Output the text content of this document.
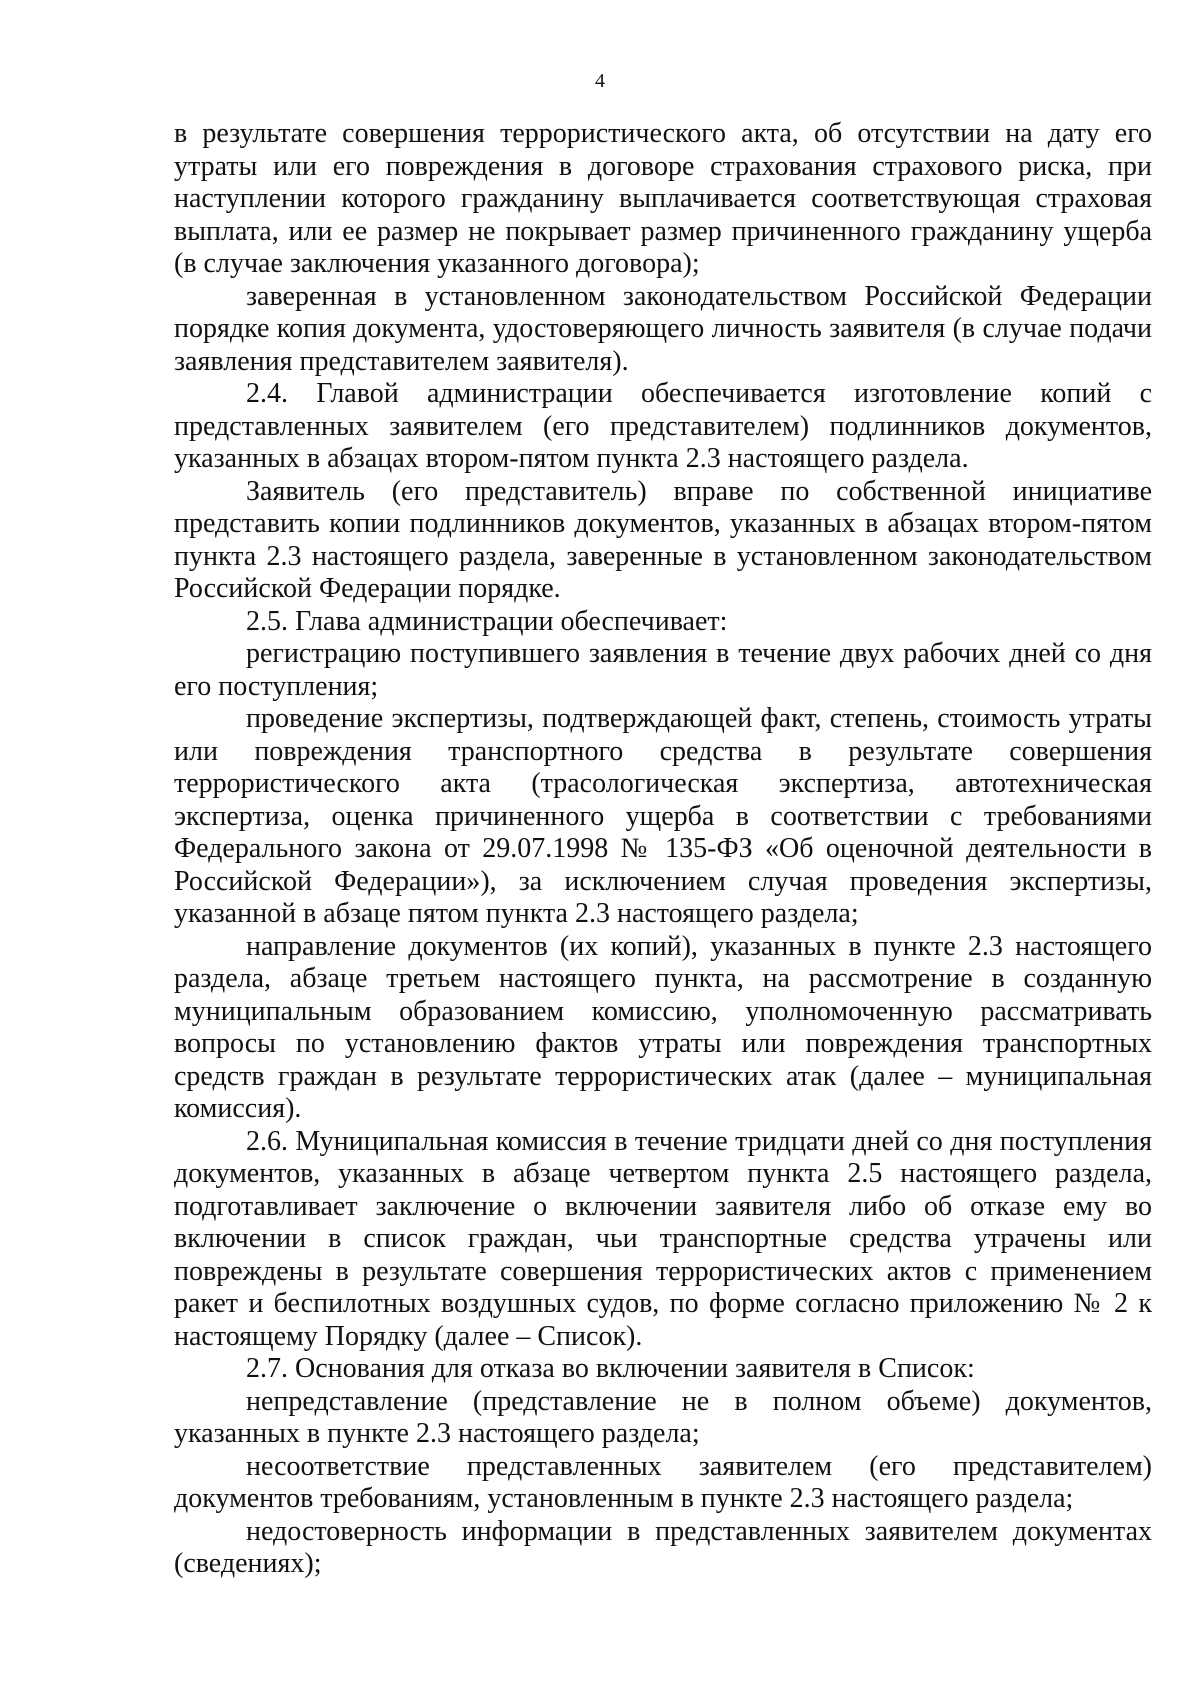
4

в результате совершения террористического акта, об отсутствии на дату его утраты или его повреждения в договоре страхования страхового риска, при наступлении которого гражданину выплачивается соответствующая страховая выплата, или ее размер не покрывает размер причиненного гражданину ущерба (в случае заключения указанного договора);

заверенная в установленном законодательством Российской Федерации порядке копия документа, удостоверяющего личность заявителя (в случае подачи заявления представителем заявителя).

2.4. Главой администрации обеспечивается изготовление копий с представленных заявителем (его представителем) подлинников документов, указанных в абзацах втором-пятом пункта 2.3 настоящего раздела.

Заявитель (его представитель) вправе по собственной инициативе представить копии подлинников документов, указанных в абзацах втором-пятом пункта 2.3 настоящего раздела, заверенные в установленном законодательством Российской Федерации порядке.

2.5. Глава администрации обеспечивает:

регистрацию поступившего заявления в течение двух рабочих дней со дня его поступления;

проведение экспертизы, подтверждающей факт, степень, стоимость утраты или повреждения транспортного средства в результате совершения террористического акта (трасологическая экспертиза, автотехническая экспертиза, оценка причиненного ущерба в соответствии с требованиями Федерального закона от 29.07.1998 № 135-ФЗ «Об оценочной деятельности в Российской Федерации»), за исключением случая проведения экспертизы, указанной в абзаце пятом пункта 2.3 настоящего раздела;

направление документов (их копий), указанных в пункте 2.3 настоящего раздела, абзаце третьем настоящего пункта, на рассмотрение в созданную муниципальным образованием комиссию, уполномоченную рассматривать вопросы по установлению фактов утраты или повреждения транспортных средств граждан в результате террористических атак (далее – муниципальная комиссия).

2.6. Муниципальная комиссия в течение тридцати дней со дня поступления документов, указанных в абзаце четвертом пункта 2.5 настоящего раздела, подготавливает заключение о включении заявителя либо об отказе ему во включении в список граждан, чьи транспортные средства утрачены или повреждены в результате совершения террористических актов с применением ракет и беспилотных воздушных судов, по форме согласно приложению № 2 к настоящему Порядку (далее – Список).

2.7. Основания для отказа во включении заявителя в Список:

непредставление (представление не в полном объеме) документов, указанных в пункте 2.3 настоящего раздела;

несоответствие представленных заявителем (его представителем) документов требованиям, установленным в пункте 2.3 настоящего раздела;

недостоверность информации в представленных заявителем документах (сведениях);
